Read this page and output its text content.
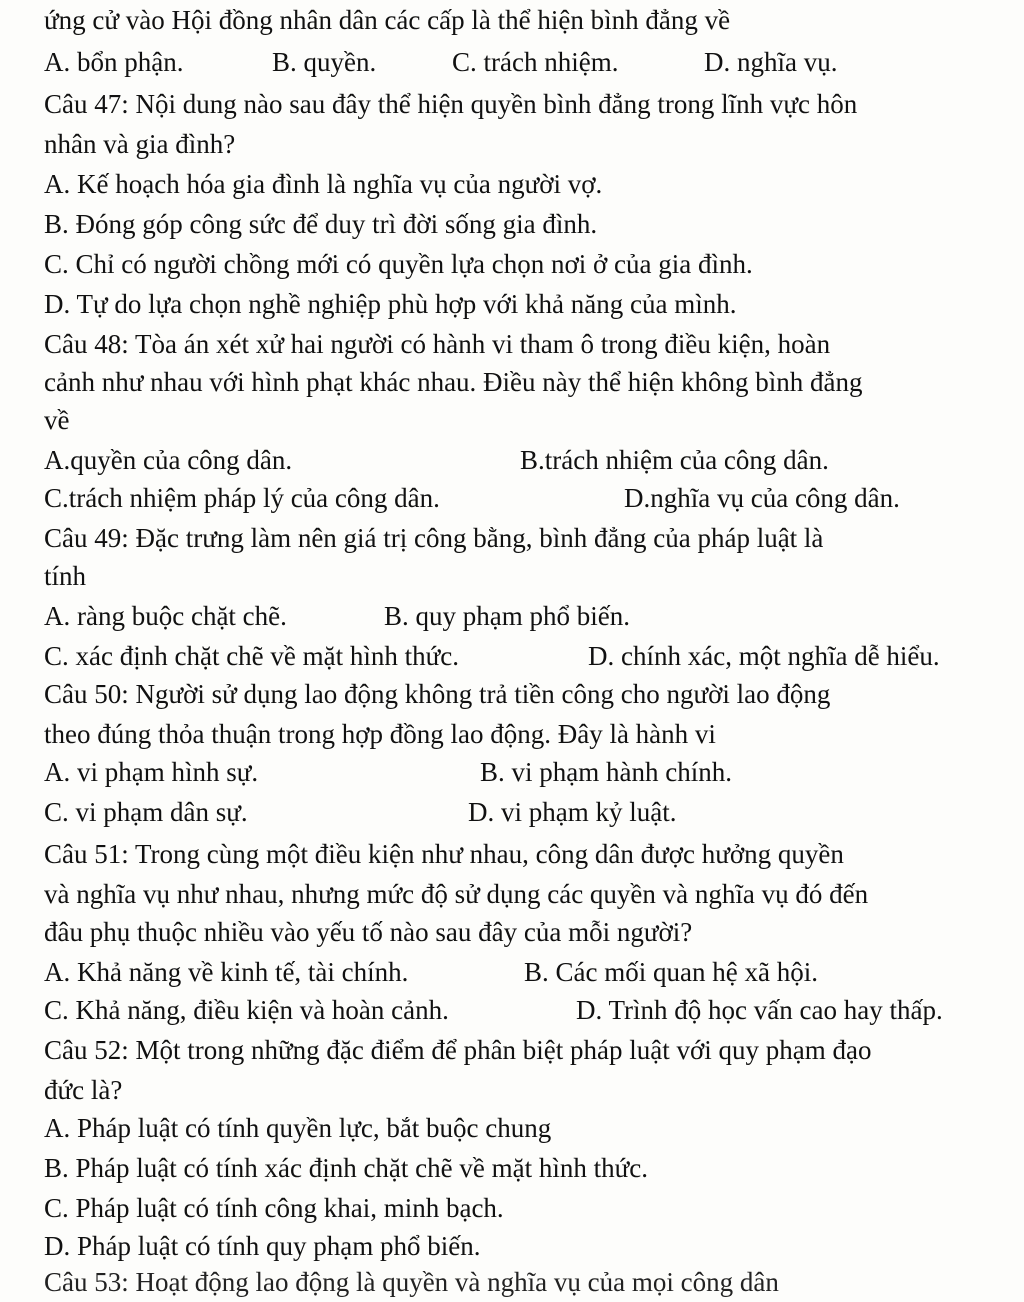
ứng cử vào Hội đồng nhân dân các cấp là thể hiện bình đẳng về
A. bổn phận.	B. quyền.	C. trách nhiệm.	D. nghĩa vụ.
Câu 47: Nội dung nào sau đây thể hiện quyền bình đẳng trong lĩnh vực hôn
nhân và gia đình?
A. Kế hoạch hóa gia đình là nghĩa vụ của người vợ.
B. Đóng góp công sức để duy trì đời sống gia đình.
C. Chỉ có người chồng mới có quyền lựa chọn nơi ở của gia đình.
D. Tự do lựa chọn nghề nghiệp phù hợp với khả năng của mình.
Câu 48: Tòa án xét xử hai người có hành vi tham ô trong điều kiện, hoàn
cảnh như nhau với hình phạt khác nhau. Điều này thể hiện không bình đẳng
về
A.quyền của công dân.	B.trách nhiệm của công dân.
C.trách nhiệm pháp lý của công dân.	D.nghĩa vụ của công dân.
Câu 49: Đặc trưng làm nên giá trị công bằng, bình đẳng của pháp luật là
tính
A. ràng buộc chặt chẽ.	B. quy phạm phổ biến.
C. xác định chặt chẽ về mặt hình thức.	D. chính xác, một nghĩa dễ hiểu.
Câu 50: Người sử dụng lao động không trả tiền công cho người lao động
theo đúng thỏa thuận trong hợp đồng lao động. Đây là hành vi
A. vi phạm hình sự.	B. vi phạm hành chính.
C. vi phạm dân sự.	D. vi phạm kỷ luật.
Câu 51: Trong cùng một điều kiện như nhau, công dân được hưởng quyền
và nghĩa vụ như nhau, nhưng mức độ sử dụng các quyền và nghĩa vụ đó đến
đâu phụ thuộc nhiều vào yếu tố nào sau đây của mỗi người?
A. Khả năng về kinh tế, tài chính.	B. Các mối quan hệ xã hội.
C. Khả năng, điều kiện và hoàn cảnh.	D. Trình độ học vấn cao hay thấp.
Câu 52: Một trong những đặc điểm để phân biệt pháp luật với quy phạm đạo
đức là?
A. Pháp luật có tính quyền lực, bắt buộc chung
B. Pháp luật có tính xác định chặt chẽ về mặt hình thức.
C. Pháp luật có tính công khai, minh bạch.
D. Pháp luật có tính quy phạm phổ biến.
Câu 53: Hoạt động lao động là quyền và nghĩa vụ của mọi công dân
